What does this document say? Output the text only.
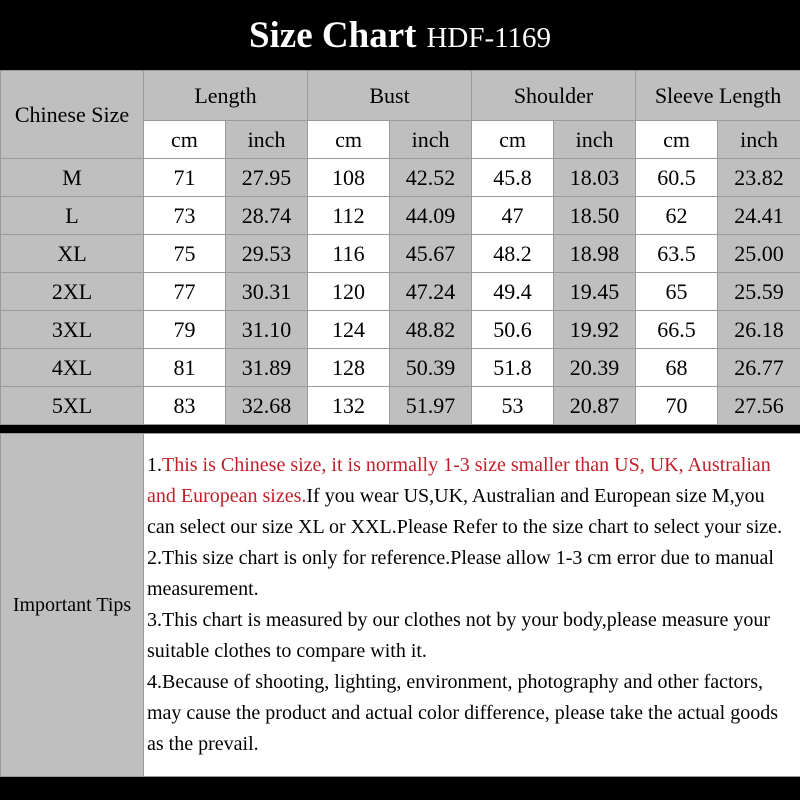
Size Chart HDF-1169
Chinese Size	Length		Bust		Shoulder		Sleeve Length	
	cm	inch	cm	inch	cm	inch	cm	inch
M	71	27.95	108	42.52	45.8	18.03	60.5	23.82
L	73	28.74	112	44.09	47	18.50	62	24.41
XL	75	29.53	116	45.67	48.2	18.98	63.5	25.00
2XL	77	30.31	120	47.24	49.4	19.45	65	25.59
3XL	79	31.10	124	48.82	50.6	19.92	66.5	26.18
4XL	81	31.89	128	50.39	51.8	20.39	68	26.77
5XL	83	32.68	132	51.97	53	20.87	70	27.56
Important Tips	

1.This is Chinese size, it is normally 1-3 size smaller than US, UK, Australian and European sizes.If you wear US,UK, Australian and European size M,you can select our size XL or XXL.Please Refer to the size chart to select your size.

2.This size chart is only for reference.Please allow 1-3 cm error due to manual measurement.

3.This chart is measured by our clothes not by your body,please measure your suitable clothes to compare with it.

4.Because of shooting, lighting, environment, photography and other factors, may cause the product and actual color difference, please take the actual goods as the prevail.
